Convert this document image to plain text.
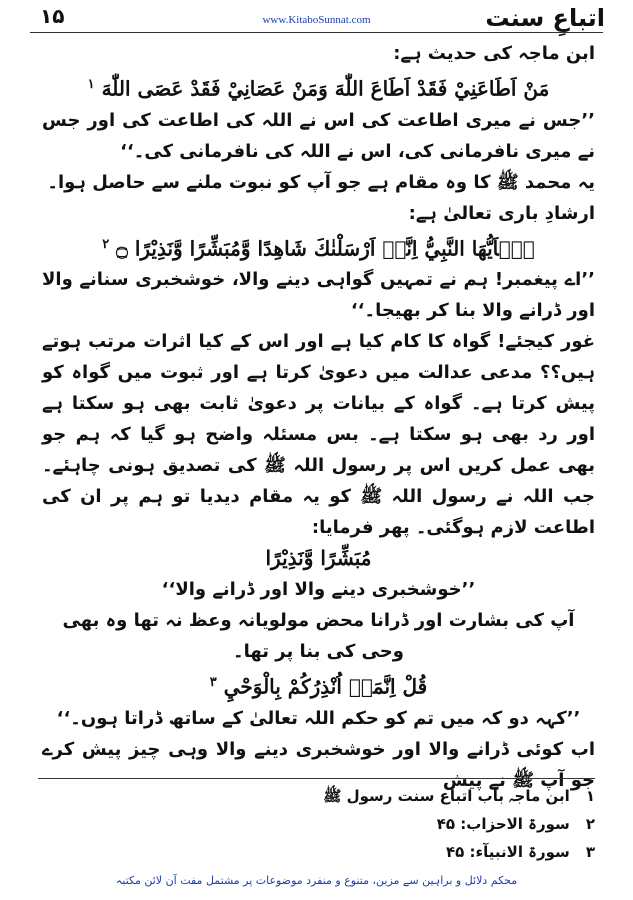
۱۵	www.KitaboSunnat.com	اتباعِ سنت

ابن ماجہ کی حدیث ہے:

مَنْ اَطَاعَنِيْ فَقَدْ اَطَاعَ اللّٰهَ وَمَنْ عَصَانِيْ فَقَدْ عَصَى اللّٰهَ $^۱$

’’جس نے میری اطاعت کی اس نے اللہ کی اطاعت کی اور جس نے میری نافرمانی کی، اس نے اللہ کی نافرمانی کی۔‘‘

یہ محمد ﷺ کا وہ مقام ہے جو آپ کو نبوت ملنے سے حاصل ہوا۔

ارشادِ باری تعالیٰ ہے:

يٰۤاَيُّهَا النَّبِيُّ اِنَّاۤ اَرْسَلْنٰكَ شَاهِدًا وَّمُبَشِّرًا وَّنَذِيْرًا ۝ $^۲$

’’اے پیغمبر! ہم نے تمہیں گواہی دینے والا، خوشخبری سنانے والا اور ڈرانے والا بنا کر بھیجا۔‘‘

غور کیجئے! گواہ کا کام کیا ہے اور اس کے کیا اثرات مرتب ہوتے ہیں؟؟ مدعی عدالت میں دعویٰ کرتا ہے اور ثبوت میں گواہ کو پیش کرتا ہے۔ گواہ کے بیانات پر دعویٰ ثابت بھی ہو سکتا ہے اور رد بھی ہو سکتا ہے۔ بس مسئلہ واضح ہو گیا کہ ہم جو بھی عمل کریں اس پر رسول اللہ ﷺ کی تصدیق ہونی چاہئے۔ جب اللہ نے رسول اللہ ﷺ کو یہ مقام دیدیا تو ہم پر ان کی اطاعت لازم ہوگئی۔ پھر فرمایا:

مُبَشِّرًا وَّنَذِيْرًا

’’خوشخبری دینے والا اور ڈرانے والا‘‘

آپ کی بشارت اور ڈرانا محض مولویانہ وعظ نہ تھا وہ بھی وحی کی بنا پر تھا۔

قُلْ اِنَّمَاۤ اُنْذِرُكُمْ بِالْوَحْيِ $^۳$

’’کہہ دو کہ میں تم کو حکم اللہ تعالیٰ کے ساتھ ڈراتا ہوں۔‘‘

اب کوئی ڈرانے والا اور خوشخبری دینے والا وہی چیز پیش کرے جو آپ ﷺ نے پیش

۱ ابن ماجہ باب اتباع سنت رسول ﷺ
۲ سورۃ الاحزاب: ۴۵
۳ سورۃ الانبیآء: ۴۵
محکم دلائل و براہین سے مزین، متنوع و منفرد موضوعات پر مشتمل مفت آن لائن مکتبہ
